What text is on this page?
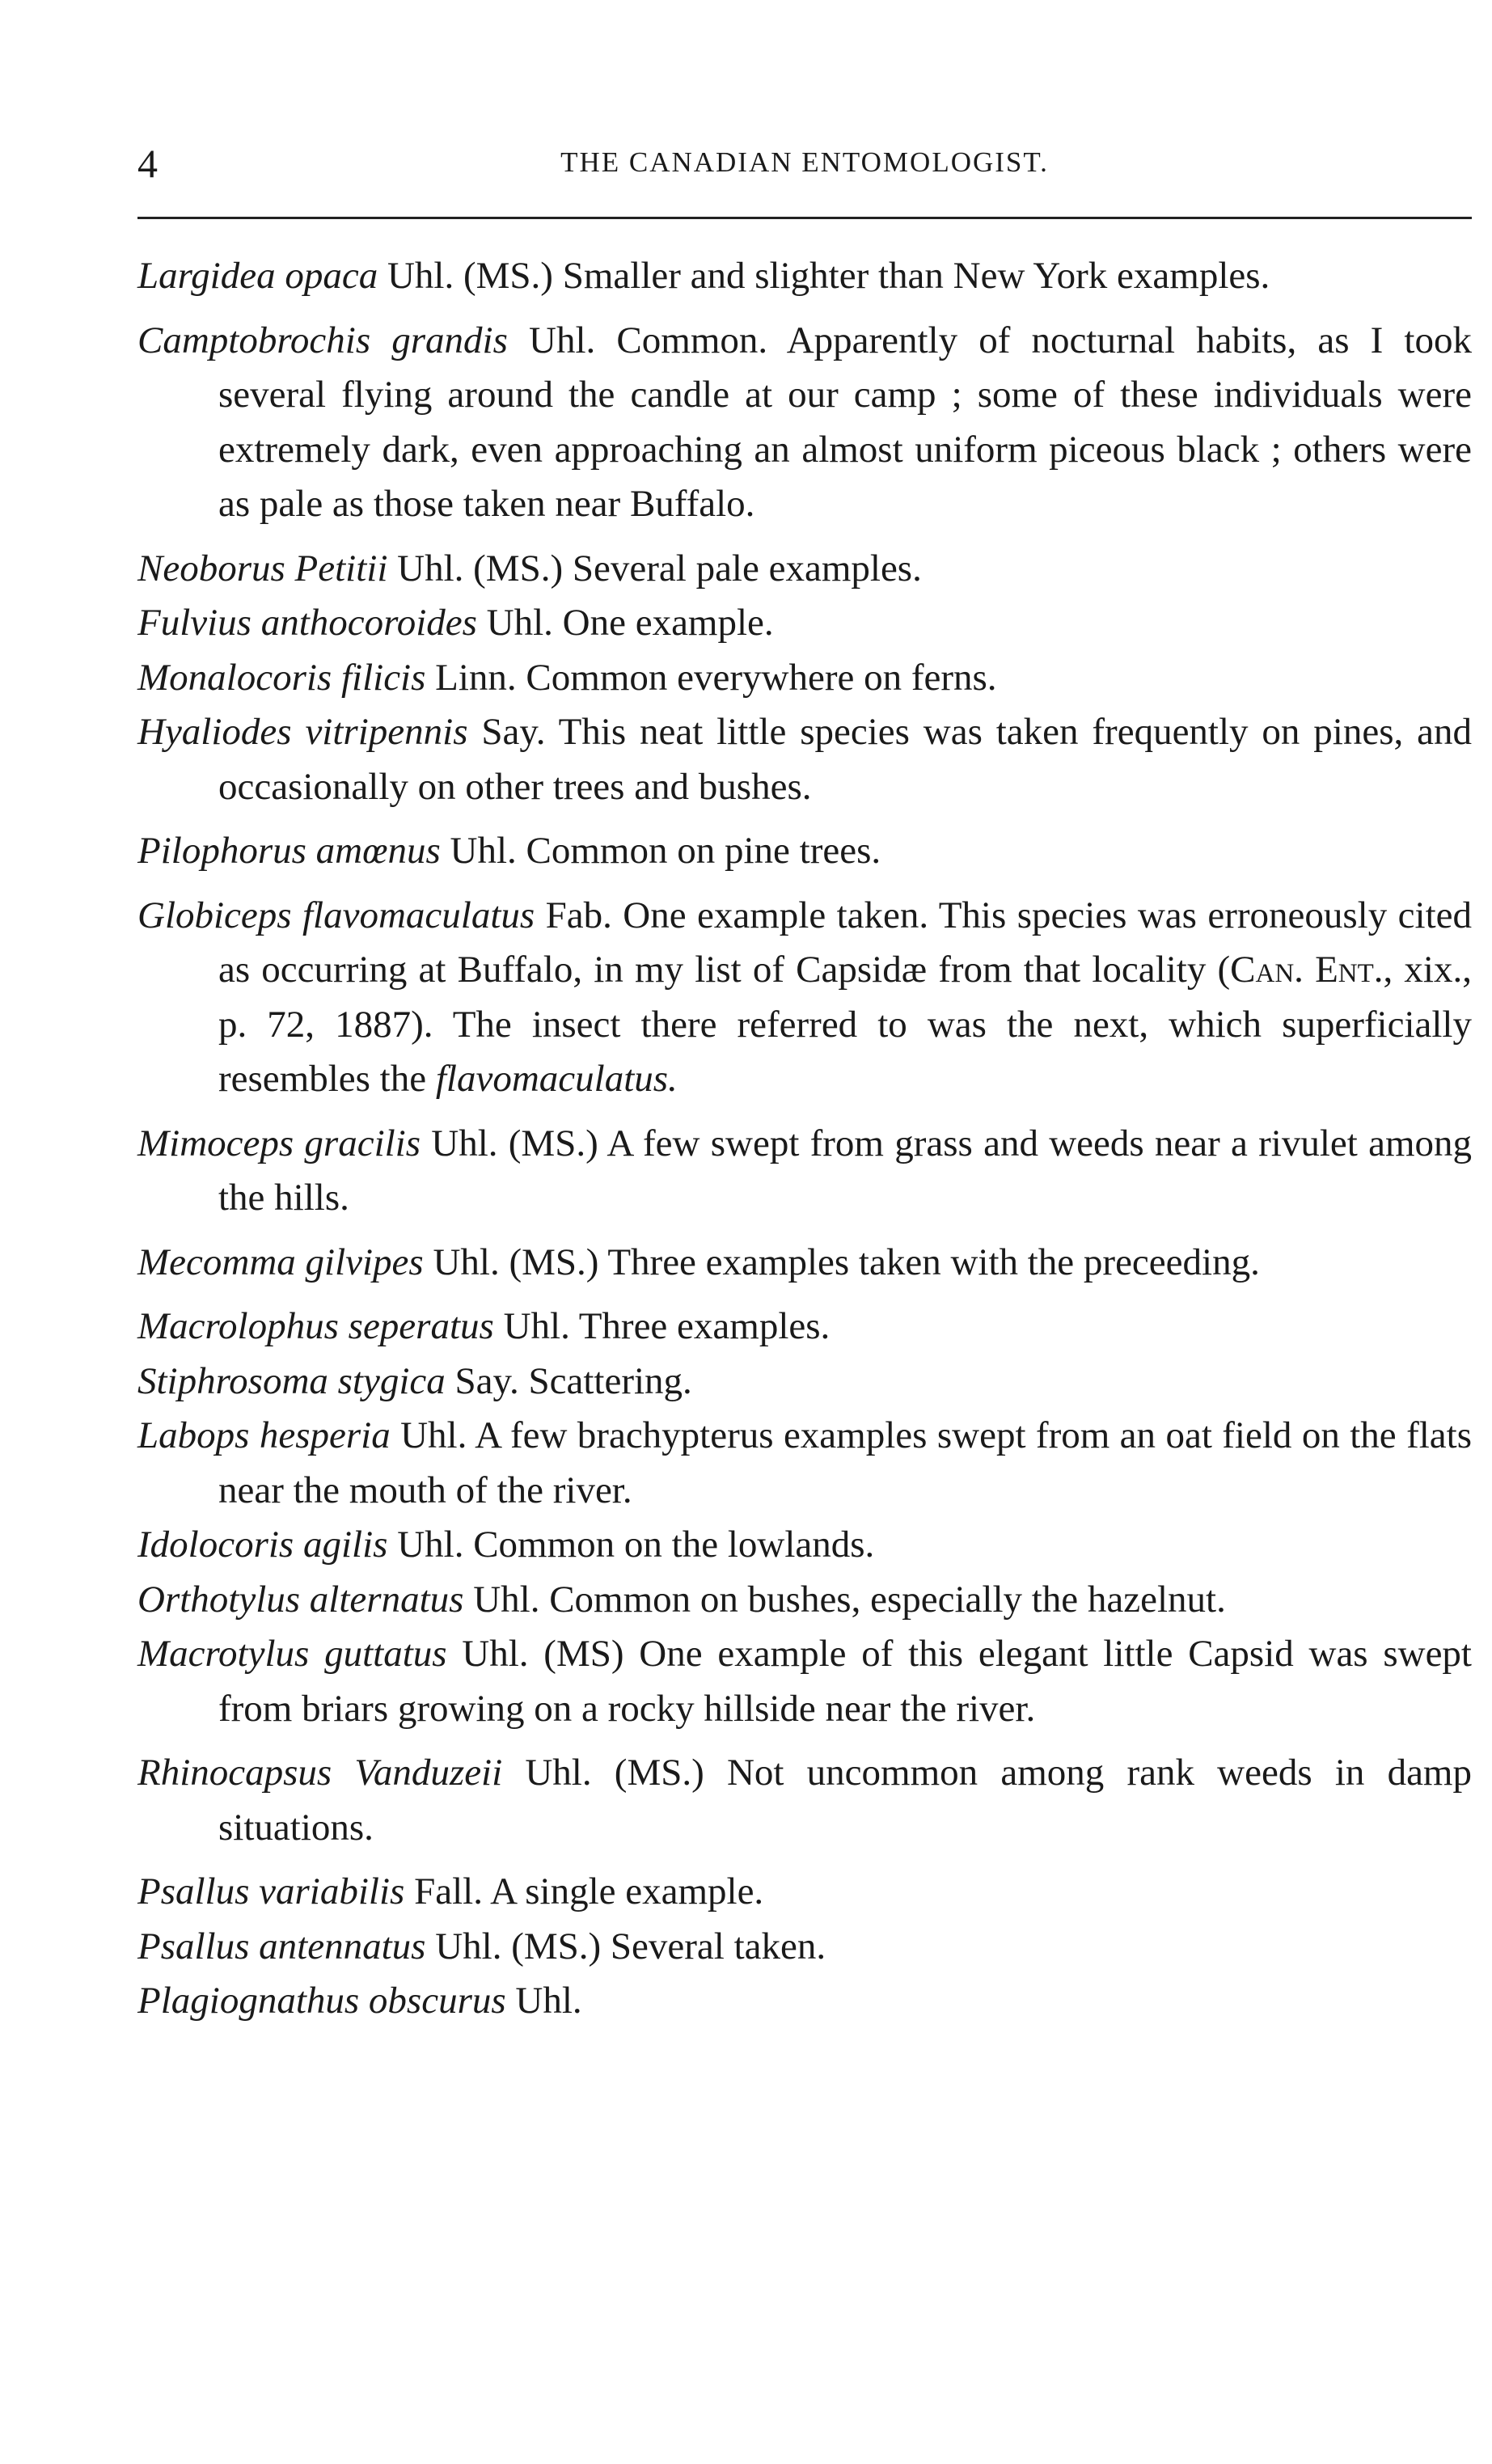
4	THE CANADIAN ENTOMOLOGIST.

Largidea opaca Uhl. (MS.) Smaller and slighter than New York examples.

Camptobrochis grandis Uhl. Common. Apparently of nocturnal habits, as I took several flying around the candle at our camp ; some of these individuals were extremely dark, even approaching an almost uniform piceous black ; others were as pale as those taken near Buffalo.

Neoborus Petitii Uhl. (MS.) Several pale examples.

Fulvius anthocoroides Uhl. One example.

Monalocoris filicis Linn. Common everywhere on ferns.

Hyaliodes vitripennis Say. This neat little species was taken frequently on pines, and occasionally on other trees and bushes.

Pilophorus amœnus Uhl. Common on pine trees.

Globiceps flavomaculatus Fab. One example taken. This species was erroneously cited as occurring at Buffalo, in my list of Capsidæ from that locality (Can. Ent., xix., p. 72, 1887). The insect there referred to was the next, which superficially resembles the flavomaculatus.

Mimoceps gracilis Uhl. (MS.) A few swept from grass and weeds near a rivulet among the hills.

Mecomma gilvipes Uhl. (MS.) Three examples taken with the preceeding.

Macrolophus seperatus Uhl. Three examples.

Stiphrosoma stygica Say. Scattering.

Labops hesperia Uhl. A few brachypterus examples swept from an oat field on the flats near the mouth of the river.

Idolocoris agilis Uhl. Common on the lowlands.

Orthotylus alternatus Uhl. Common on bushes, especially the hazelnut.

Macrotylus guttatus Uhl. (MS) One example of this elegant little Capsid was swept from briars growing on a rocky hillside near the river.

Rhinocapsus Vanduzeii Uhl. (MS.) Not uncommon among rank weeds in damp situations.

Psallus variabilis Fall. A single example.

Psallus antennatus Uhl. (MS.) Several taken.

Plagiognathus obscurus Uhl.
